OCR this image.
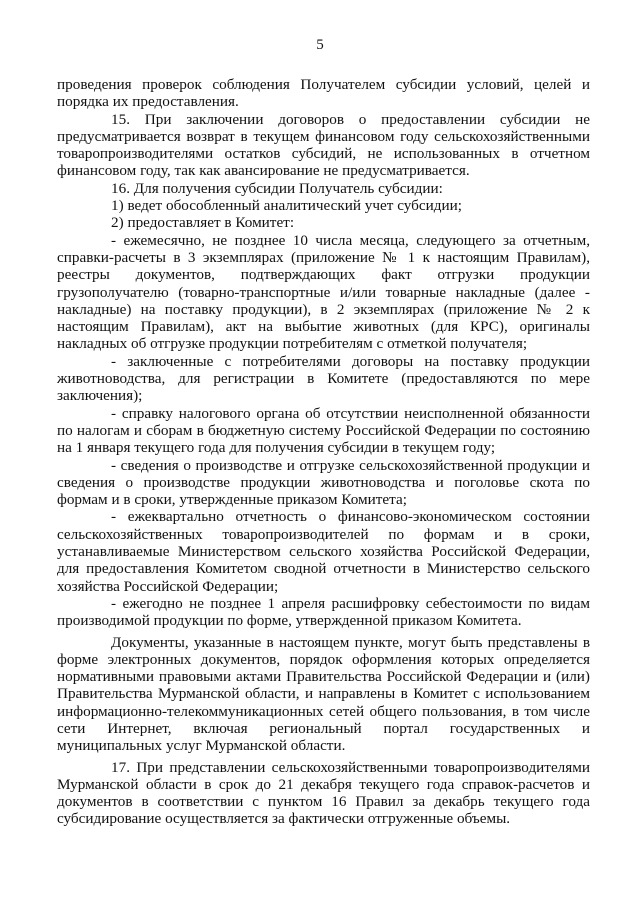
5

проведения проверок соблюдения Получателем субсидии условий, целей и порядка их предоставления.

15. При заключении договоров о предоставлении субсидии не предусматривается возврат в текущем финансовом году сельскохозяйственными товаропроизводителями остатков субсидий, не использованных в отчетном финансовом году, так как авансирование не предусматривается.

16. Для получения субсидии Получатель субсидии:

1) ведет обособленный аналитический учет субсидии;

2) предоставляет в Комитет:

- ежемесячно, не позднее 10 числа месяца, следующего за отчетным, справки-расчеты в 3 экземплярах (приложение № 1 к настоящим Правилам), реестры документов, подтверждающих факт отгрузки продукции грузополучателю (товарно-транспортные и/или товарные накладные (далее - накладные) на поставку продукции), в 2 экземплярах (приложение № 2 к настоящим Правилам), акт на выбытие животных (для КРС), оригиналы накладных об отгрузке продукции потребителям с отметкой получателя;

- заключенные с потребителями договоры на поставку продукции животноводства, для регистрации в Комитете (предоставляются по мере заключения);

- справку налогового органа об отсутствии неисполненной обязанности по налогам и сборам в бюджетную систему Российской Федерации по состоянию на 1 января текущего года для получения субсидии в текущем году;

- сведения о производстве и отгрузке сельскохозяйственной продукции и сведения о производстве продукции животноводства и поголовье скота по формам и в сроки, утвержденные приказом Комитета;

- ежеквартально отчетность о финансово-экономическом состоянии сельскохозяйственных товаропроизводителей по формам и в сроки, устанавливаемые Министерством сельского хозяйства Российской Федерации, для предоставления Комитетом сводной отчетности в Министерство сельского хозяйства Российской Федерации;

- ежегодно не позднее 1 апреля расшифровку себестоимости по видам производимой продукции по форме, утвержденной приказом Комитета.

Документы, указанные в настоящем пункте, могут быть представлены в форме электронных документов, порядок оформления которых определяется нормативными правовыми актами Правительства Российской Федерации и (или) Правительства Мурманской области, и направлены в Комитет с использованием информационно-телекоммуникационных сетей общего пользования, в том числе сети Интернет, включая региональный портал государственных и муниципальных услуг Мурманской области.

17. При представлении сельскохозяйственными товаропроизводителями Мурманской области в срок до 21 декабря текущего года справок-расчетов и документов в соответствии с пунктом 16 Правил за декабрь текущего года субсидирование осуществляется за фактически отгруженные объемы.
